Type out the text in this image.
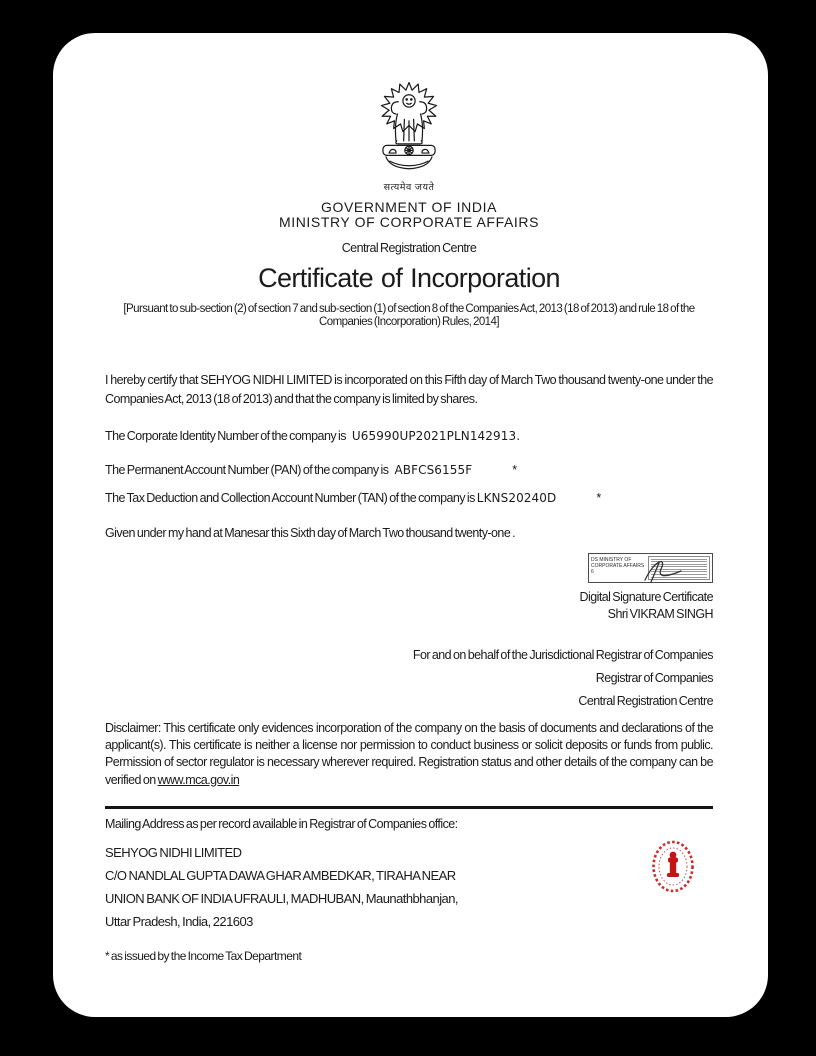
सत्यमेव जयते
GOVERNMENT OF INDIA
MINISTRY OF CORPORATE AFFAIRS
Central Registration Centre
Certificate of Incorporation
[Pursuant to sub-section (2) of section 7 and sub-section (1) of section 8 of the Companies Act, 2013 (18 of 2013) and rule 18 of the Companies (Incorporation) Rules, 2014]
I hereby certify that SEHYOG NIDHI LIMITED is incorporated on this Fifth day of March Two thousand twenty-one under the Companies Act, 2013 (18 of 2013) and that the company is limited by shares.
The Corporate Identity Number of the company is U65990UP2021PLN142913.
The Permanent Account Number (PAN) of the company is ABFCS6155F	*
The Tax Deduction and Collection Account Number (TAN) of the company is LKNS20240D	*
Given under my hand at Manesar this Sixth day of March Two thousand twenty-one .
DS MINISTRY OF CORPORATE AFFAIRS 6
Digital Signature Certificate
Shri VIKRAM SINGH
For and on behalf of the Jurisdictional Registrar of Companies
Registrar of Companies
Central Registration Centre
Disclaimer: This certificate only evidences incorporation of the company on the basis of documents and declarations of the applicant(s). This certificate is neither a license nor permission to conduct business or solicit deposits or funds from public. Permission of sector regulator is necessary wherever required. Registration status and other details of the company can be verified on www.mca.gov.in
Mailing Address as per record available in Registrar of Companies office:
SEHYOG NIDHI LIMITED
C/O NANDLAL GUPTA DAWA GHAR AMBEDKAR, TIRAHA NEAR
UNION BANK OF INDIA UFRAULI, MADHUBAN, Maunathbhanjan,
Uttar Pradesh, India, 221603
* as issued by the Income Tax Department
